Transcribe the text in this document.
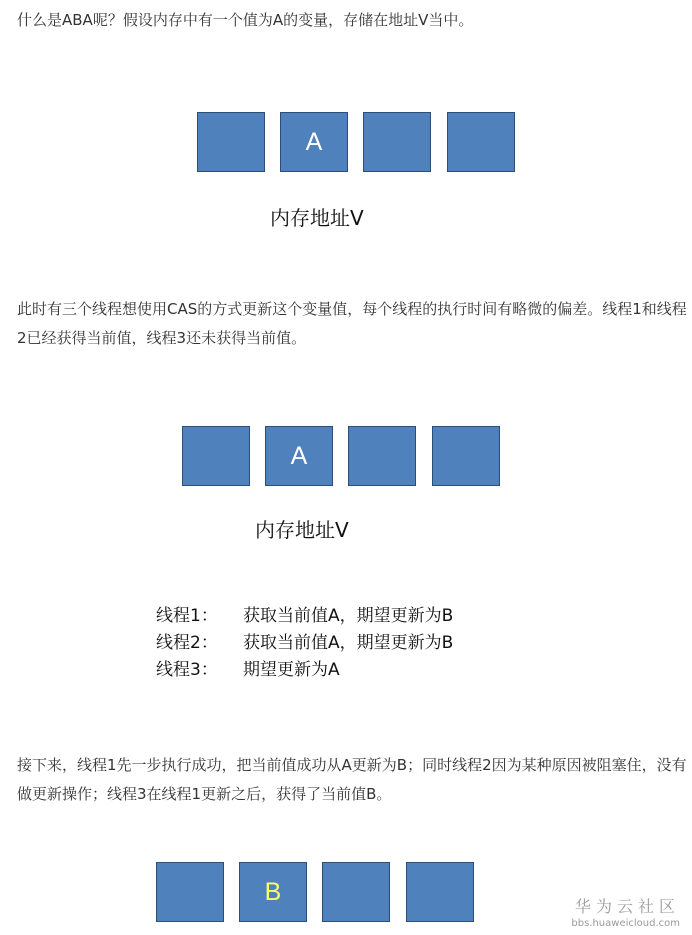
什么是ABA呢？假设内存中有一个值为A的变量，存储在地址V当中。

A
内存地址V

此时有三个线程想使用CAS的方式更新这个变量值，每个线程的执行时间有略微的偏差。线程1和线程2已经获得当前值，线程3还未获得当前值。

A
内存地址V
线程1： 获取当前值A，期望更新为B
线程2： 获取当前值A，期望更新为B
线程3： 期望更新为A

接下来，线程1先一步执行成功，把当前值成功从A更新为B；同时线程2因为某种原因被阻塞住，没有做更新操作；线程3在线程1更新之后，获得了当前值B。

B
华为云社区
bbs.huaweicloud.com
